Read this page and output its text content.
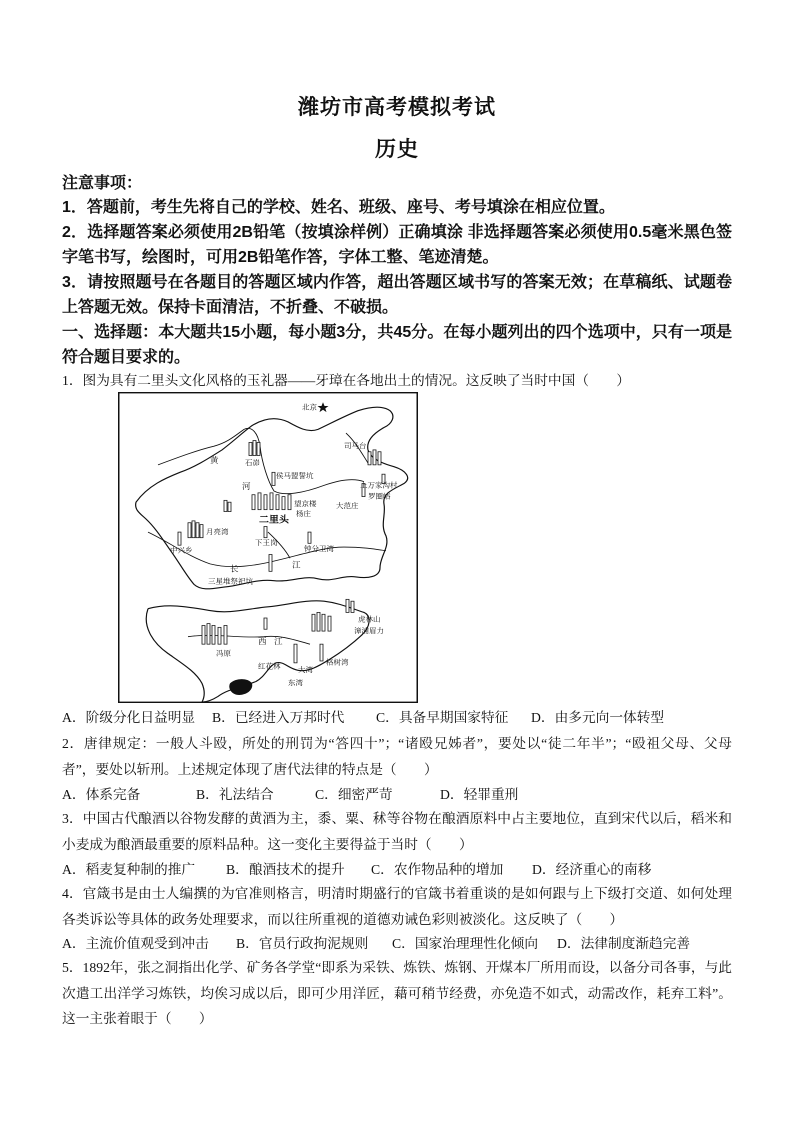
潍坊市高考模拟考试
历史
注意事项：
1．答题前，考生先将自己的学校、姓名、班级、座号、考号填涂在相应位置。
2．选择题答案必须使用2B铅笔（按填涂样例）正确填涂 非选择题答案必须使用0.5毫米黑色签字笔书写，绘图时，可用2B铅笔作答，字体工整、笔迹清楚。
3．请按照题号在各题目的答题区域内作答，超出答题区域书写的答案无效；在草稿纸、试题卷上答题无效。保持卡面清洁，不折叠、不破损。
一、选择题：本大题共15小题，每小题3分，共45分。在每小题列出的四个选项中，只有一项是符合题目要求的。
1．图为具有二里头文化风格的玉礼器——牙璋在各地出土的情况。这反映了当时中国（　　）
北京
石峁
侯马盟誓坑
司马台
上万家沟村
罗圈峪
大范庄
望京楼
杨庄
二里头
下王岗
钟分卫湾
月亮湾
中兴乡
三星堆祭祀坑
虎林山
漳浦眉力
冯原
红花林 大湾
格树湾
东湾
黄
河
长	江
西 江
A．阶级分化日益明显 B．已经进入万邦时代 C．具备早期国家特征 D．由多元向一体转型
2．唐律规定：一般人斗殴，所处的刑罚为“答四十”；“诸殴兄姊者”，要处以“徒二年半”；“殴祖父母、父母者”，要处以斩刑。上述规定体现了唐代法律的特点是（　　）
A．体系完备	B．礼法结合	C．细密严苛	D．轻罪重刑
3．中国古代酿酒以谷物发酵的黄酒为主，黍、粟、秫等谷物在酿酒原料中占主要地位，直到宋代以后，稻米和小麦成为酿酒最重要的原料品种。这一变化主要得益于当时（　　）
A．稻麦复种制的推广 B．酿酒技术的提升 C．农作物品种的增加 D．经济重心的南移
4．官箴书是由士人编撰的为官准则格言，明清时期盛行的官箴书着重谈的是如何跟与上下级打交道、如何处理各类诉讼等具体的政务处理要求，而以往所重视的道德劝诫色彩则被淡化。这反映了（　　）
A．主流价值观受到冲击 B．官员行政拘泥规则 C．国家治理理性化倾向 D．法律制度渐趋完善
5．1892年，张之洞指出化学、矿务各学堂“即系为采铁、炼铁、炼钢、开煤本厂所用而设，以备分司各事，与此次遣工出洋学习炼铁，均俟习成以后，即可少用洋匠，藉可稍节经费，亦免造不如式，动需改作，耗弃工料”。这一主张着眼于（　　）
